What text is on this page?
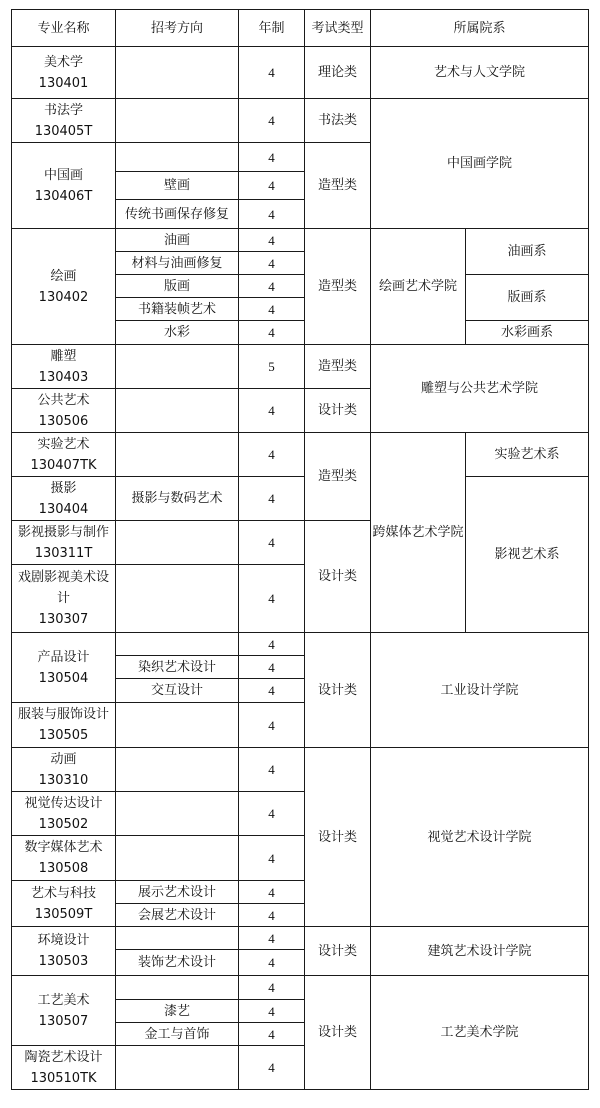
专业名称	招考方向	年制	考试类型	所属院系	

美术学
130401		4	理论类	艺术与人文学院	

书法学
130405T		4	书法类	中国画学院	

中国画
130406T		4	造型类		
	壁画	4			
	传统书画保存修复	4			

绘画
130402	油画	4	造型类	绘画艺术学院	油画系
	材料与油画修复	4			
	版画	4			版画系
	书籍装帧艺术	4			
	水彩	4			水彩画系

雕塑
130403		5	造型类	雕塑与公共艺术学院	

公共艺术
130506		4	设计类		

实验艺术
130407TK		4	造型类	跨媒体艺术学院	实验艺术系

摄影
130404	摄影与数码艺术	4			影视艺术系

影视摄影与制作
130311T		4	设计类		

戏剧影视美术设计
130307		4			

产品设计
130504		4	设计类	工业设计学院	
	染织艺术设计	4			
	交互设计	4			

服装与服饰设计
130505		4			

动画
130310		4	设计类	视觉艺术设计学院	

视觉传达设计
130502		4			

数字媒体艺术
130508		4			

艺术与科技
130509T	展示艺术设计	4			
	会展艺术设计	4			

环境设计
130503		4	设计类	建筑艺术设计学院	
	装饰艺术设计	4			

工艺美术
130507		4	设计类	工艺美术学院	
	漆艺	4			
	金工与首饰	4			

陶瓷艺术设计
130510TK		4			
